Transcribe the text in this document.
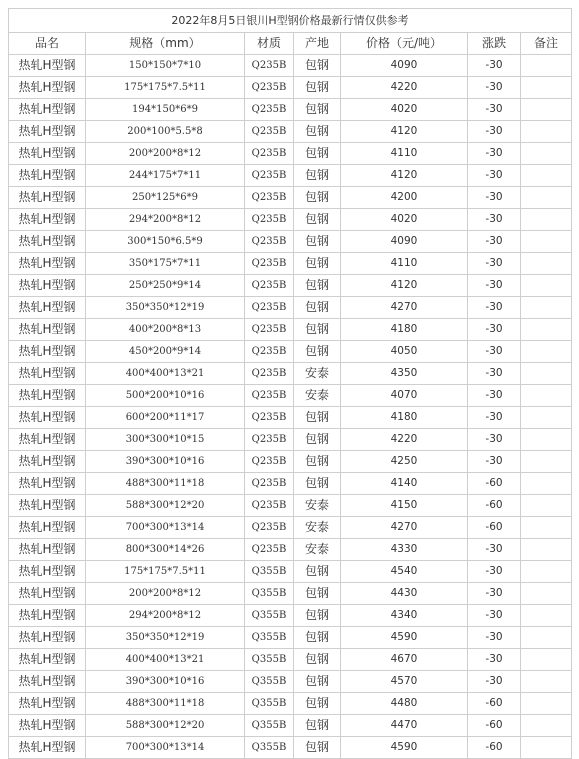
2022年8月5日银川H型钢价格最新行情仅供参考						
品名	规格（mm）	材质	产地	价格（元/吨）	涨跌	备注
热轧H型钢	150*150*7*10	Q235B	包钢	4090	-30	
热轧H型钢	175*175*7.5*11	Q235B	包钢	4220	-30	
热轧H型钢	194*150*6*9	Q235B	包钢	4020	-30	
热轧H型钢	200*100*5.5*8	Q235B	包钢	4120	-30	
热轧H型钢	200*200*8*12	Q235B	包钢	4110	-30	
热轧H型钢	244*175*7*11	Q235B	包钢	4120	-30	
热轧H型钢	250*125*6*9	Q235B	包钢	4200	-30	
热轧H型钢	294*200*8*12	Q235B	包钢	4020	-30	
热轧H型钢	300*150*6.5*9	Q235B	包钢	4090	-30	
热轧H型钢	350*175*7*11	Q235B	包钢	4110	-30	
热轧H型钢	250*250*9*14	Q235B	包钢	4120	-30	
热轧H型钢	350*350*12*19	Q235B	包钢	4270	-30	
热轧H型钢	400*200*8*13	Q235B	包钢	4180	-30	
热轧H型钢	450*200*9*14	Q235B	包钢	4050	-30	
热轧H型钢	400*400*13*21	Q235B	安泰	4350	-30	
热轧H型钢	500*200*10*16	Q235B	安泰	4070	-30	
热轧H型钢	600*200*11*17	Q235B	包钢	4180	-30	
热轧H型钢	300*300*10*15	Q235B	包钢	4220	-30	
热轧H型钢	390*300*10*16	Q235B	包钢	4250	-30	
热轧H型钢	488*300*11*18	Q235B	包钢	4140	-60	
热轧H型钢	588*300*12*20	Q235B	安泰	4150	-60	
热轧H型钢	700*300*13*14	Q235B	安泰	4270	-60	
热轧H型钢	800*300*14*26	Q235B	安泰	4330	-30	
热轧H型钢	175*175*7.5*11	Q355B	包钢	4540	-30	
热轧H型钢	200*200*8*12	Q355B	包钢	4430	-30	
热轧H型钢	294*200*8*12	Q355B	包钢	4340	-30	
热轧H型钢	350*350*12*19	Q355B	包钢	4590	-30	
热轧H型钢	400*400*13*21	Q355B	包钢	4670	-30	
热轧H型钢	390*300*10*16	Q355B	包钢	4570	-30	
热轧H型钢	488*300*11*18	Q355B	包钢	4480	-60	
热轧H型钢	588*300*12*20	Q355B	包钢	4470	-60	
热轧H型钢	700*300*13*14	Q355B	包钢	4590	-60	
